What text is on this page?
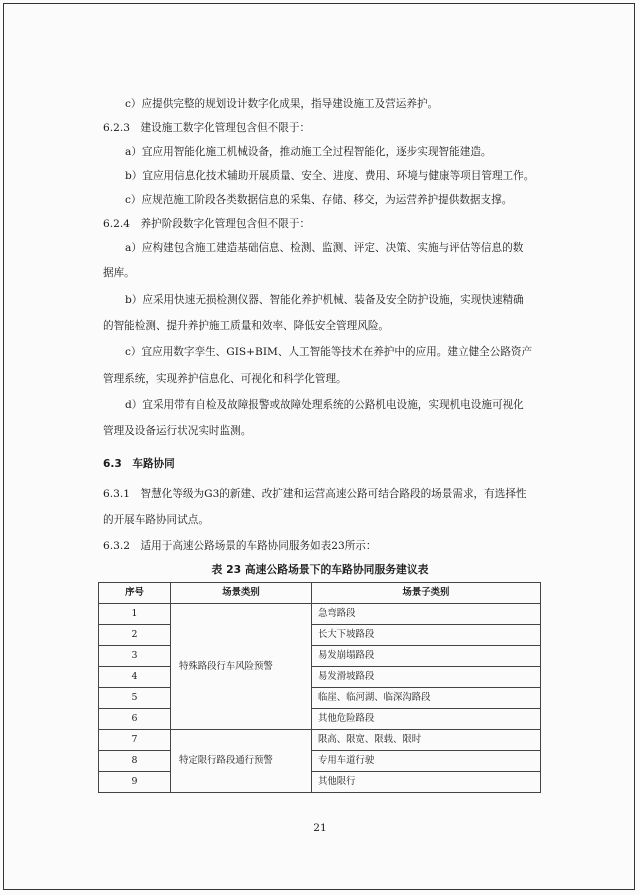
c）应提供完整的规划设计数字化成果，指导建设施工及营运养护。
6.2.3　建设施工数字化管理包含但不限于：
a）宜应用智能化施工机械设备，推动施工全过程智能化，逐步实现智能建造。
b）宜应用信息化技术辅助开展质量、安全、进度、费用、环境与健康等项目管理工作。
c）应规范施工阶段各类数据信息的采集、存储、移交，为运营养护提供数据支撑。
6.2.4　养护阶段数字化管理包含但不限于：
a）应构建包含施工建造基础信息、检测、监测、评定、决策、实施与评估等信息的数
据库。
b）应采用快速无损检测仪器、智能化养护机械、装备及安全防护设施，实现快速精确
的智能检测、提升养护施工质量和效率、降低安全管理风险。
c）宜应用数字孪生、GIS+BIM、人工智能等技术在养护中的应用。建立健全公路资产
管理系统，实现养护信息化、可视化和科学化管理。
d）宜采用带有自检及故障报警或故障处理系统的公路机电设施，实现机电设施可视化
管理及设备运行状况实时监测。
6.3　车路协同
6.3.1　智慧化等级为G3的新建、改扩建和运营高速公路可结合路段的场景需求，有选择性
的开展车路协同试点。
6.3.2　适用于高速公路场景的车路协同服务如表23所示：
表 23 高速公路场景下的车路协同服务建议表
序号	场景类别	场景子类别
1	特殊路段行车风险预警	急弯路段
2		长大下坡路段
3		易发崩塌路段
4		易发滑坡路段
5		临崖、临河湖、临深沟路段
6		其他危险路段
7	特定限行路段通行预警	限高、限宽、限载、限时
8		专用车道行驶
9		其他限行
21
